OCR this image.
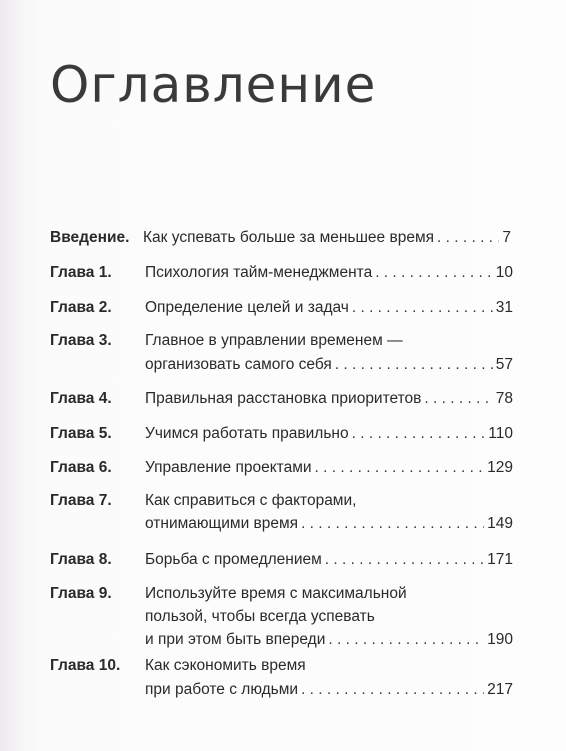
Оглавление
Введение. Как успевать больше за меньшее время . . .	7
Глава 1. Психология тайм-менеджмента . . .	10
Глава 2. Определение целей и задач . . .	31
Глава 3. Главное в управлении временем —
организовать самого себя . . .	57
Глава 4. Правильная расстановка приоритетов . . .	78
Глава 5. Учимся работать правильно . . .	110
Глава 6. Управление проектами . . .	129
Глава 7. Как справиться с факторами,
отнимающими время . . .	149
Глава 8. Борьба с промедлением . . .	171
Глава 9. Используйте время с максимальной
пользой, чтобы всегда успевать
и при этом быть впереди . . .	190
Глава 10. Как сэкономить время
при работе с людьми . . .	217
